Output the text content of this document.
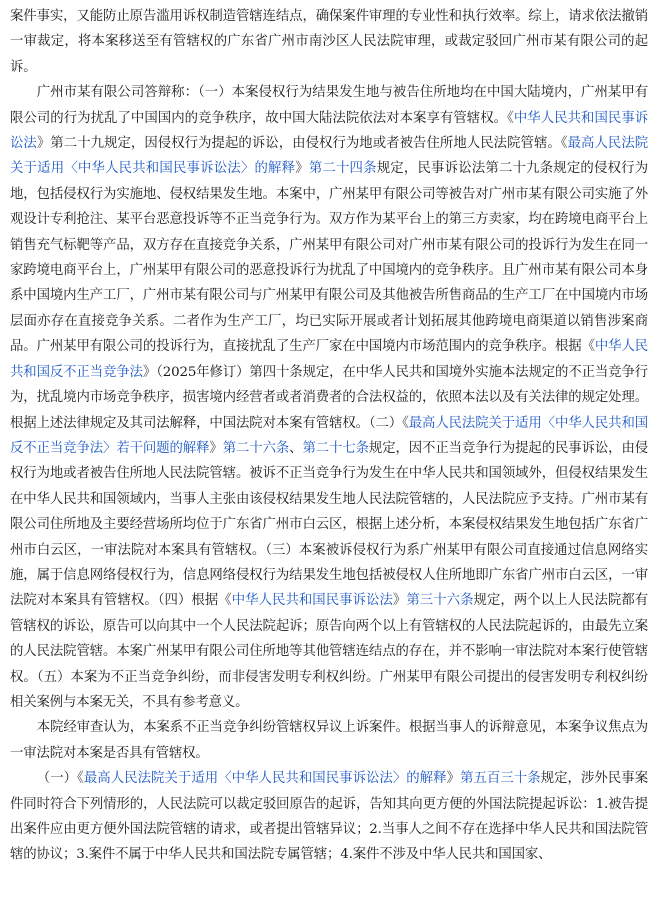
案件事实，又能防止原告滥用诉权制造管辖连结点，确保案件审理的专业性和执行效率。综上，请求依法撤销一审裁定，将本案移送至有管辖权的广东省广州市南沙区人民法院审理，或裁定驳回广州市某有限公司的起诉。

广州市某有限公司答辩称：（一）本案侵权行为结果发生地与被告住所地均在中国大陆境内，广州某甲有限公司的行为扰乱了中国国内的竞争秩序，故中国大陆法院依法对本案享有管辖权。《中华人民共和国民事诉讼法》第二十九规定，因侵权行为提起的诉讼，由侵权行为地或者被告住所地人民法院管辖。《最高人民法院关于适用〈中华人民共和国民事诉讼法〉的解释》第二十四条规定，民事诉讼法第二十九条规定的侵权行为地，包括侵权行为实施地、侵权结果发生地。本案中，广州某甲有限公司等被告对广州市某有限公司实施了外观设计专利抢注、某平台恶意投诉等不正当竞争行为。双方作为某平台上的第三方卖家，均在跨境电商平台上销售充气标靶等产品，双方存在直接竞争关系，广州某甲有限公司对广州市某有限公司的投诉行为发生在同一家跨境电商平台上，广州某甲有限公司的恶意投诉行为扰乱了中国境内的竞争秩序。且广州市某有限公司本身系中国境内生产工厂，广州市某有限公司与广州某甲有限公司及其他被告所售商品的生产工厂在中国境内市场层面亦存在直接竞争关系。二者作为生产工厂，均已实际开展或者计划拓展其他跨境电商渠道以销售涉案商品。广州某甲有限公司的投诉行为，直接扰乱了生产厂家在中国境内市场范围内的竞争秩序。根据《中华人民共和国反不正当竞争法》（2025年修订）第四十条规定，在中华人民共和国境外实施本法规定的不正当竞争行为，扰乱境内市场竞争秩序，损害境内经营者或者消费者的合法权益的，依照本法以及有关法律的规定处理。根据上述法律规定及其司法解释，中国法院对本案有管辖权。（二）《最高人民法院关于适用〈中华人民共和国反不正当竞争法〉若干问题的解释》第二十六条、第二十七条规定，因不正当竞争行为提起的民事诉讼，由侵权行为地或者被告住所地人民法院管辖。被诉不正当竞争行为发生在中华人民共和国领域外，但侵权结果发生在中华人民共和国领域内，当事人主张由该侵权结果发生地人民法院管辖的，人民法院应予支持。广州市某有限公司住所地及主要经营场所均位于广东省广州市白云区，根据上述分析，本案侵权结果发生地包括广东省广州市白云区，一审法院对本案具有管辖权。（三）本案被诉侵权行为系广州某甲有限公司直接通过信息网络实施，属于信息网络侵权行为，信息网络侵权行为结果发生地包括被侵权人住所地即广东省广州市白云区，一审法院对本案具有管辖权。（四）根据《中华人民共和国民事诉讼法》第三十六条规定，两个以上人民法院都有管辖权的诉讼，原告可以向其中一个人民法院起诉；原告向两个以上有管辖权的人民法院起诉的，由最先立案的人民法院管辖。本案广州某甲有限公司住所地等其他管辖连结点的存在，并不影响一审法院对本案行使管辖权。（五）本案为不正当竞争纠纷，而非侵害发明专利权纠纷。广州某甲有限公司提出的侵害发明专利权纠纷相关案例与本案无关，不具有参考意义。

本院经审查认为，本案系不正当竞争纠纷管辖权异议上诉案件。根据当事人的诉辩意见，本案争议焦点为一审法院对本案是否具有管辖权。

（一）《最高人民法院关于适用〈中华人民共和国民事诉讼法〉的解释》第五百三十条规定，涉外民事案件同时符合下列情形的，人民法院可以裁定驳回原告的起诉，告知其向更方便的外国法院提起诉讼：1.被告提出案件应由更方便外国法院管辖的请求，或者提出管辖异议；2.当事人之间不存在选择中华人民共和国法院管辖的协议；3.案件不属于中华人民共和国法院专属管辖；4.案件不涉及中华人民共和国国家、
